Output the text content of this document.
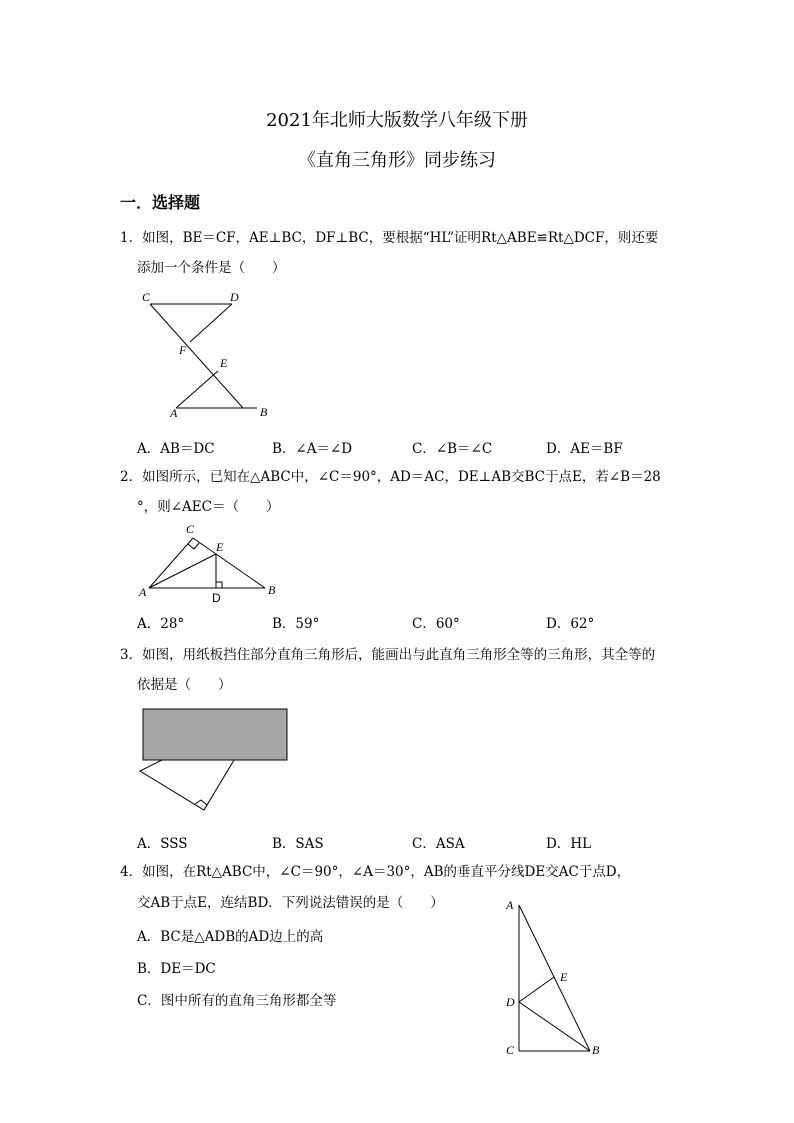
2021年北师大版数学八年级下册
《直角三角形》同步练习
一．选择题
1．如图，BE＝CF，AE⊥BC，DF⊥BC，要根据“HL”证明Rt△ABE≌Rt△DCF，则还要
添加一个条件是（　　）
C	D
F
E
A	B
A．AB＝DC	B．∠A＝∠D	C．∠B＝∠C	D．AE＝BF
2．如图所示，已知在△ABC中，∠C＝90°，AD＝AC，DE⊥AB交BC于点E，若∠B＝28
°，则∠AEC＝（　　）
C
E
A	D
B
A．28°	B．59°	C．60°	D．62°
3．如图，用纸板挡住部分直角三角形后，能画出与此直角三角形全等的三角形，其全等的
依据是（　　）
A．SSS	B．SAS	C．ASA	D．HL
4．如图，在Rt△ABC中，∠C＝90°，∠A＝30°，AB的垂直平分线DE交AC于点D，
交AB于点E，连结BD．下列说法错误的是（　　）
A．BC是△ADB的AD边上的高
B．DE＝DC
C．图中所有的直角三角形都全等
A
E
D
C	B
